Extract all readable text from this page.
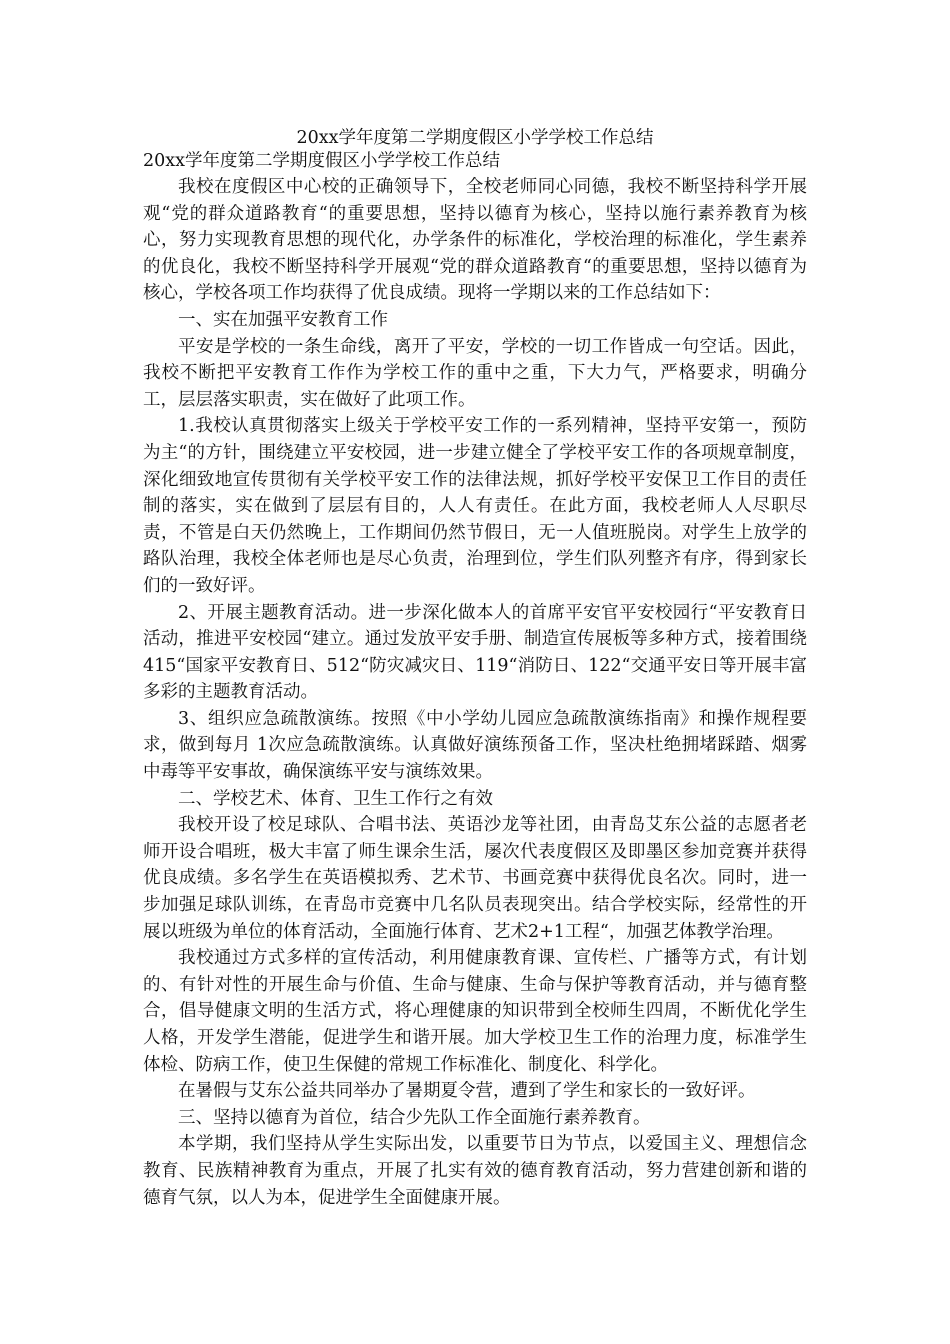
20xx学年度第二学期度假区小学学校工作总结

20xx学年度第二学期度假区小学学校工作总结

我校在度假区中心校的正确领导下，全校老师同心同德，我校不断坚持科学开展观“党的群众道路教育“的重要思想，坚持以德育为核心，坚持以施行素养教育为核心，努力实现教育思想的现代化，办学条件的标准化，学校治理的标准化，学生素养的优良化，我校不断坚持科学开展观“党的群众道路教育“的重要思想，坚持以德育为核心，学校各项工作均获得了优良成绩。现将一学期以来的工作总结如下：

一、实在加强平安教育工作

平安是学校的一条生命线，离开了平安，学校的一切工作皆成一句空话。因此，我校不断把平安教育工作作为学校工作的重中之重，下大力气，严格要求，明确分工，层层落实职责，实在做好了此项工作。

1.我校认真贯彻落实上级关于学校平安工作的一系列精神，坚持平安第一，预防为主“的方针，围绕建立平安校园，进一步建立健全了学校平安工作的各项规章制度，深化细致地宣传贯彻有关学校平安工作的法律法规，抓好学校平安保卫工作目的责任制的落实，实在做到了层层有目的，人人有责任。在此方面，我校老师人人尽职尽责，不管是白天仍然晚上，工作期间仍然节假日，无一人值班脱岗。对学生上放学的路队治理，我校全体老师也是尽心负责，治理到位，学生们队列整齐有序，得到家长们的一致好评。

2、开展主题教育活动。进一步深化做本人的首席平安官平安校园行“平安教育日活动，推进平安校园“建立。通过发放平安手册、制造宣传展板等多种方式，接着围绕415“国家平安教育日、512“防灾减灾日、119“消防日、122“交通平安日等开展丰富多彩的主题教育活动。

3、组织应急疏散演练。按照《中小学幼儿园应急疏散演练指南》和操作规程要求，做到每月 1次应急疏散演练。认真做好演练预备工作，坚决杜绝拥堵踩踏、烟雾中毒等平安事故，确保演练平安与演练效果。

二、学校艺术、体育、卫生工作行之有效

我校开设了校足球队、合唱书法、英语沙龙等社团，由青岛艾东公益的志愿者老师开设合唱班，极大丰富了师生课余生活，屡次代表度假区及即墨区参加竞赛并获得优良成绩。多名学生在英语模拟秀、艺术节、书画竞赛中获得优良名次。同时，进一步加强足球队训练，在青岛市竞赛中几名队员表现突出。结合学校实际，经常性的开展以班级为单位的体育活动，全面施行体育、艺术2+1工程“，加强艺体教学治理。

我校通过方式多样的宣传活动，利用健康教育课、宣传栏、广播等方式，有计划的、有针对性的开展生命与价值、生命与健康、生命与保护等教育活动，并与德育整合，倡导健康文明的生活方式，将心理健康的知识带到全校师生四周，不断优化学生人格，开发学生潜能，促进学生和谐开展。加大学校卫生工作的治理力度，标准学生体检、防病工作，使卫生保健的常规工作标准化、制度化、科学化。

在暑假与艾东公益共同举办了暑期夏令营，遭到了学生和家长的一致好评。

三、坚持以德育为首位，结合少先队工作全面施行素养教育。

本学期，我们坚持从学生实际出发，以重要节日为节点，以爱国主义、理想信念教育、民族精神教育为重点，开展了扎实有效的德育教育活动，努力营建创新和谐的德育气氛，以人为本，促进学生全面健康开展。
